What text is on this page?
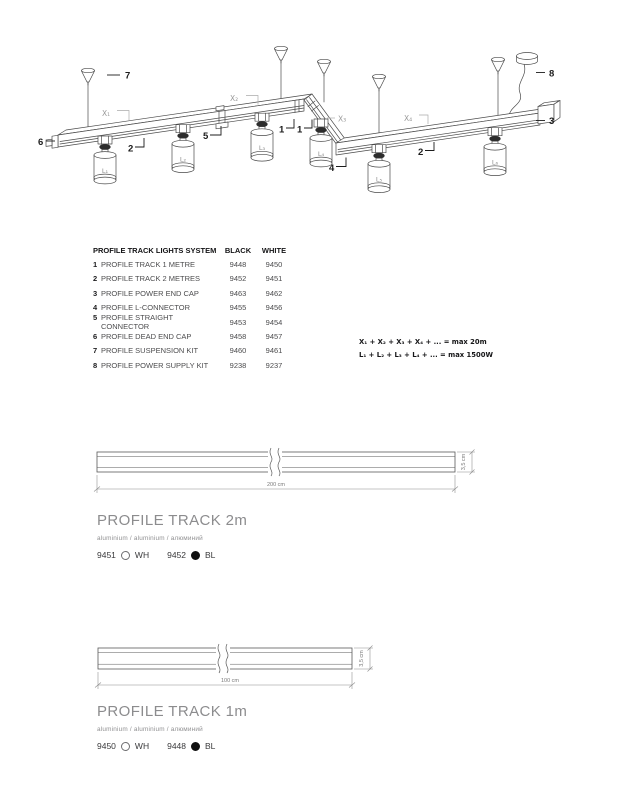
L₁
L₂
L₃
L₄
L₅
L₆
X₁
X₂
X₃	X₄
6
7
2
5
1 1
4
2
3
8
PROFILE TRACK LIGHTS SYSTEM	BLACK	WHITE
1 PROFILE TRACK 1 METRE	9448	9450
2 PROFILE TRACK 2 METRES	9452	9451
3 PROFILE POWER END CAP	9463	9462
4 PROFILE L-CONNECTOR	9455	9456
5 PROFILE STRAIGHT CONNECTOR
9453	9454
6 PROFILE DEAD END CAP	9458	9457
7 PROFILE SUSPENSION KIT	9460	9461
8 PROFILE POWER SUPPLY KIT	9238	9237
X₁ + X₂ + X₃ + X₄ + ... = max 20m
L₁ + L₂ + L₃ + L₄ + ... = max 1500W
200 cm
3,5 cm
PROFILE TRACK 2m
aluminium / aluminium / алюминий
9451 WH 9452 BL
100 cm
3,5 cm
PROFILE TRACK 1m
aluminium / aluminium / алюминий
9450 WH 9448 BL
